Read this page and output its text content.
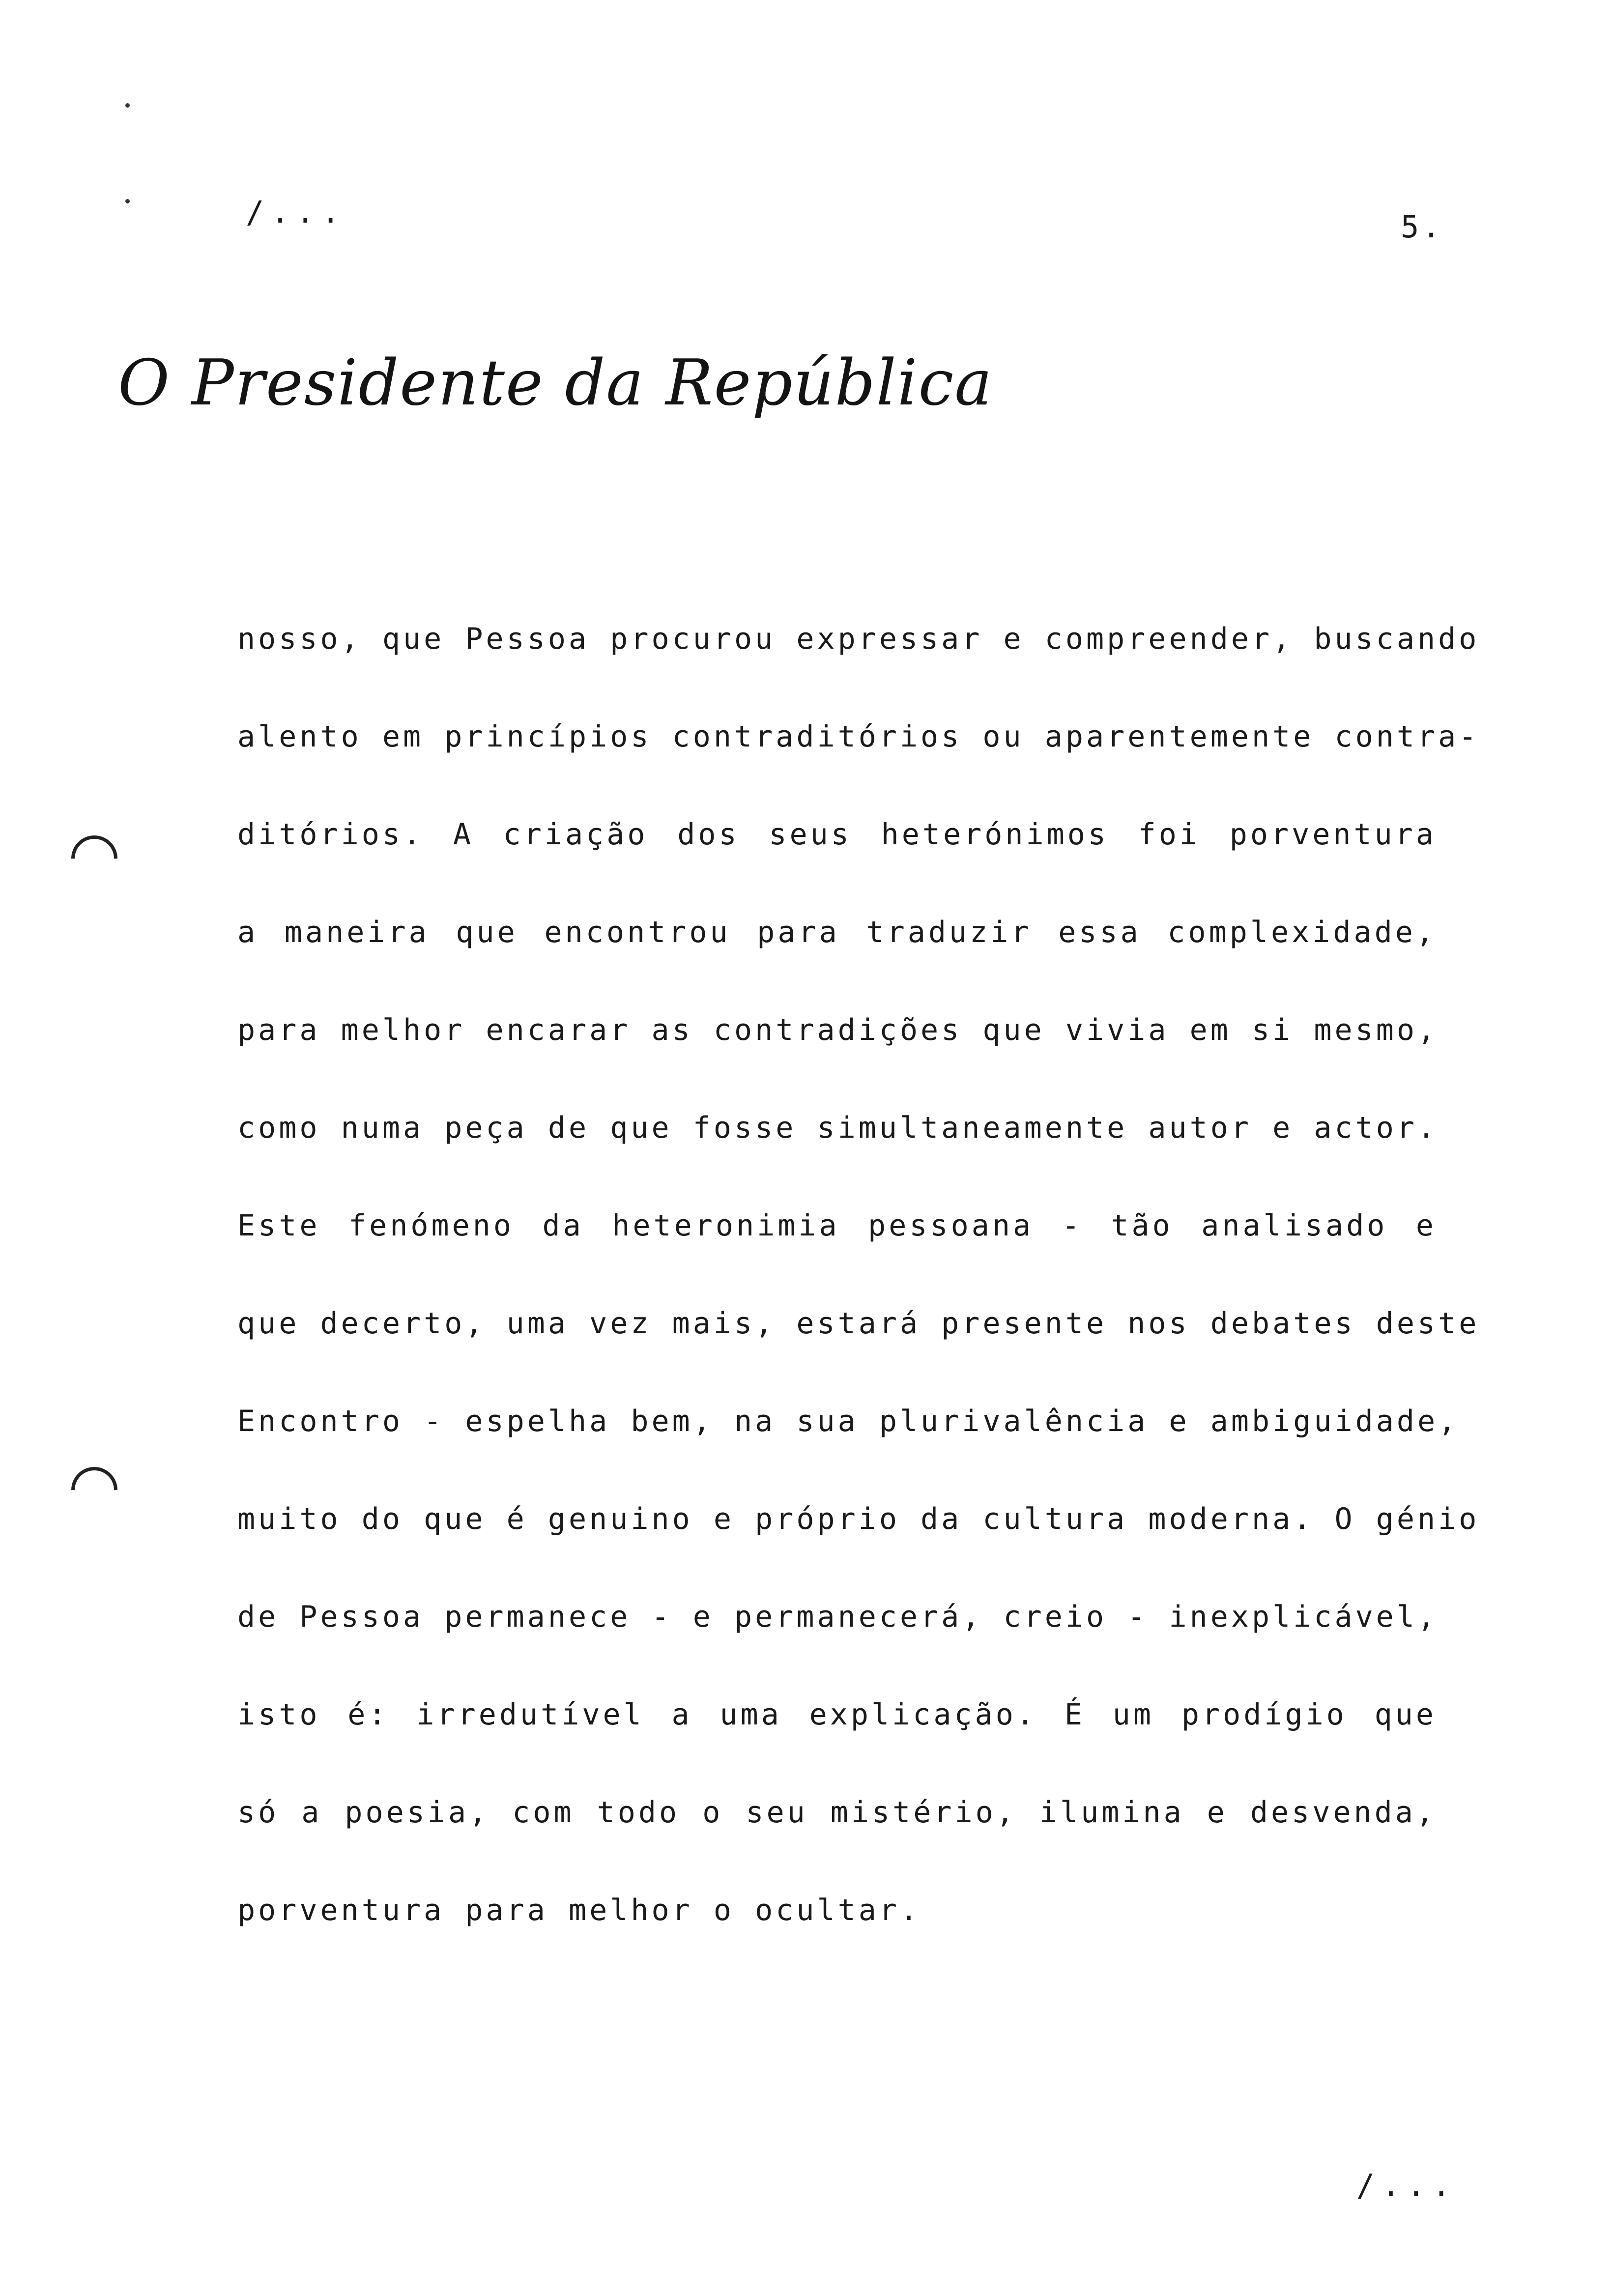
/...	5.
O Presidente da República
nosso, que Pessoa procurou expressar e compreender, buscando
alento em princípios contraditórios ou aparentemente contra-
ditórios. A criação dos seus heterónimos foi porventura
a maneira que encontrou para traduzir essa complexidade,
para melhor encarar as contradições que vivia em si mesmo,
como numa peça de que fosse simultaneamente autor e actor.
Este fenómeno da heteronimia pessoana - tão analisado e
que decerto, uma vez mais, estará presente nos debates deste
Encontro - espelha bem, na sua plurivalência e ambiguidade,
muito do que é genuino e próprio da cultura moderna. O génio
de Pessoa permanece - e permanecerá, creio - inexplicável,
isto é: irredutível a uma explicação. É um prodígio que
só a poesia, com todo o seu mistério, ilumina e desvenda,
porventura para melhor o ocultar.
/...
